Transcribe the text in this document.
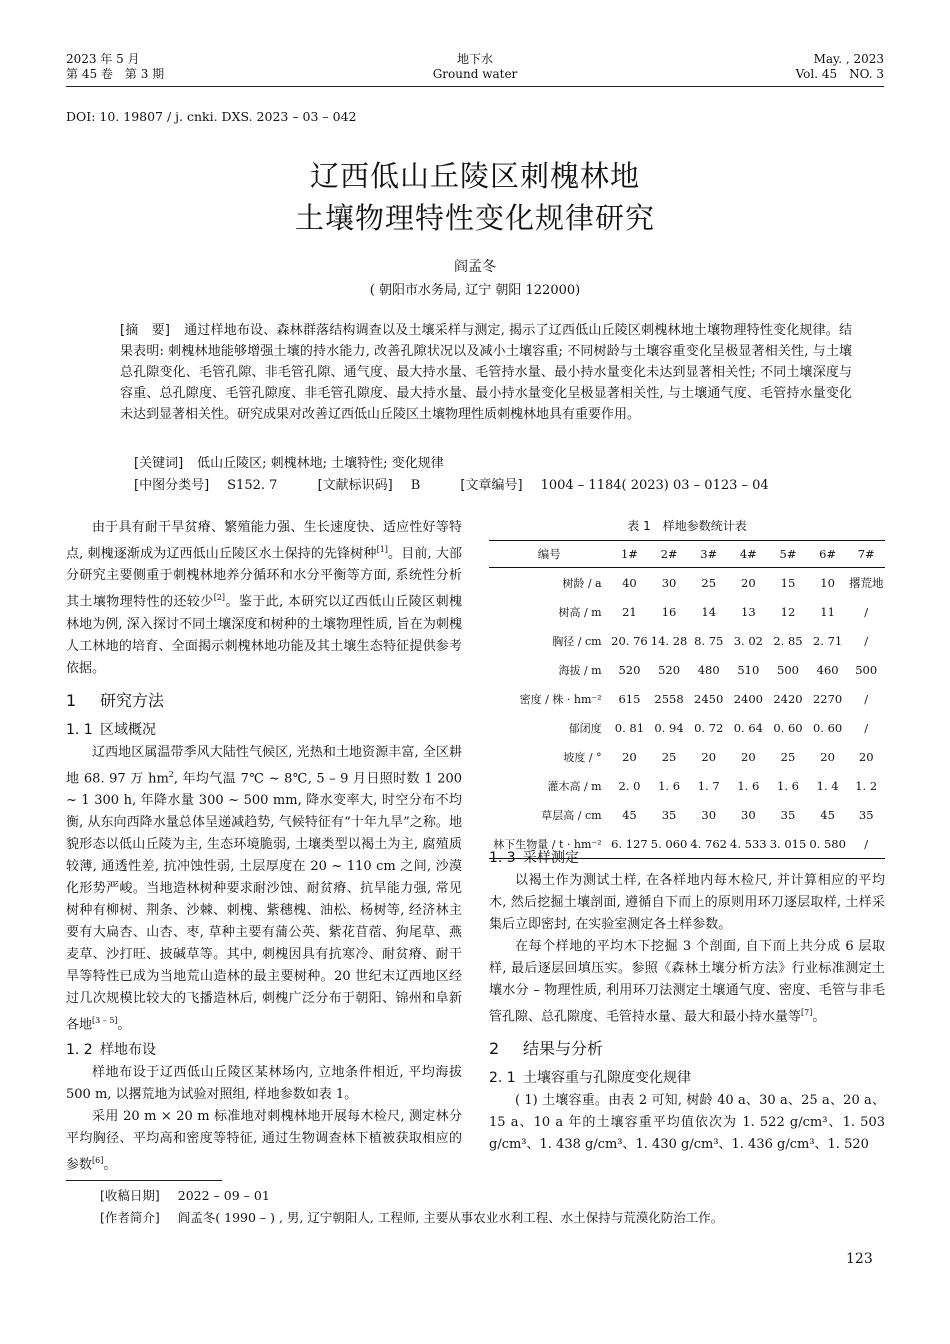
2023 年 5 月
第 45 卷　第 3 期
地下水
Ground water
May. , 2023
Vol. 45　NO. 3
DOI: 10. 19807 / j. cnki. DXS. 2023 – 03 – 042
辽西低山丘陵区刺槐林地
土壤物理特性变化规律研究
阎孟冬
( 朝阳市水务局, 辽宁 朝阳 122000)
[摘　要] 通过样地布设、森林群落结构调查以及土壤采样与测定, 揭示了辽西低山丘陵区刺槐林地土壤物理特性变化规律。结果表明: 刺槐林地能够增强土壤的持水能力, 改善孔隙状况以及减小土壤容重; 不同树龄与土壤容重变化呈极显著相关性, 与土壤总孔隙变化、毛管孔隙、非毛管孔隙、通气度、最大持水量、毛管持水量、最小持水量变化未达到显著相关性; 不同土壤深度与容重、总孔隙度、毛管孔隙度、非毛管孔隙度、最大持水量、最小持水量变化呈极显著相关性, 与土壤通气度、毛管持水量变化未达到显著相关性。研究成果对改善辽西低山丘陵区土壤物理性质刺槐林地具有重要作用。
[关键词] 低山丘陵区; 刺槐林地; 土壤特性; 变化规律
[中图分类号] S152. 7	[文献标识码] B	[文章编号] 1004 – 1184( 2023) 03 – 0123 – 04

由于具有耐干旱贫瘠、繁殖能力强、生长速度快、适应性好等特点, 刺槐逐渐成为辽西低山丘陵区水土保持的先锋树种[1]。目前, 大部分研究主要侧重于刺槐林地养分循环和水分平衡等方面, 系统性分析其土壤物理特性的还较少[2]。鉴于此, 本研究以辽西低山丘陵区刺槐林地为例, 深入探讨不同土壤深度和树种的土壤物理性质, 旨在为刺槐人工林地的培育、全面揭示刺槐林地功能及其土壤生态特征提供参考依据。

1 研究方法
1. 1 区域概况

辽西地区属温带季风大陆性气候区, 光热和土地资源丰富, 全区耕地 68. 97 万 $hm^2$, 年均气温 7℃ ~ 8℃, 5 – 9 月日照时数 1 200 ~ 1 300 h, 年降水量 300 ~ 500 mm, 降水变率大, 时空分布不均衡, 从东向西降水量总体呈递减趋势, 气候特征有“十年九旱”之称。地貌形态以低山丘陵为主, 生态环境脆弱, 土壤类型以褐土为主, 腐殖质较薄, 通透性差, 抗冲蚀性弱, 土层厚度在 20 ~ 110 cm 之间, 沙漠化形势严峻。当地造林树种要求耐沙蚀、耐贫瘠、抗旱能力强, 常见树种有柳树、荆条、沙棘、刺槐、紫穗槐、油松、杨树等, 经济林主要有大扁杏、山杏、枣, 草种主要有蒲公英、紫花苜蓿、狗尾草、燕麦草、沙打旺、披碱草等。其中, 刺槐因具有抗寒冷、耐贫瘠、耐干旱等特性已成为当地荒山造林的最主要树种。20 世纪末辽西地区经过几次规模比较大的飞播造林后, 刺槐广泛分布于朝阳、锦州和阜新各地[3 – 5]。

1. 2 样地布设

样地布设于辽西低山丘陵区某林场内, 立地条件相近, 平均海拔 500 m, 以撂荒地为试验对照组, 样地参数如表 1。

采用 20 m × 20 m 标准地对刺槐林地开展每木检尺, 测定林分平均胸径、平均高和密度等特征, 通过生物调查林下植被获取相应的参数[6]。

表 1　样地参数统计表
编号	1#	2#	3#	4#	5#	6#	7#
树龄 / a	40	30	25	20	15	10	撂荒地
树高 / m	21	16	14	13	12	11	/
胸径 / cm	20. 76	14. 28	8. 75	3. 02	2. 85	2. 71	/
海拔 / m	520	520	480	510	500	460	500
密度 / 株 · hm⁻²	615	2558	2450	2400	2420	2270	/
郁闭度	0. 81	0. 94	0. 72	0. 64	0. 60	0. 60	/
坡度 / °	20	25	20	20	25	20	20
灌木高 / m	2. 0	1. 6	1. 7	1. 6	1. 6	1. 4	1. 2
草层高 / cm	45	35	30	30	35	45	35
林下生物量 / t · hm⁻²	6. 127	5. 060	4. 762	4. 533	3. 015	0. 580	/
1. 3 采样测定

以褐土作为测试土样, 在各样地内每木检尺, 并计算相应的平均木, 然后挖掘土壤剖面, 遵循自下而上的原则用环刀逐层取样, 土样采集后立即密封, 在实验室测定各土样参数。

在每个样地的平均木下挖掘 3 个剖面, 自下而上共分成 6 层取样, 最后逐层回填压实。参照《森林土壤分析方法》行业标准测定土壤水分 – 物理性质, 利用环刀法测定土壤通气度、密度、毛管与非毛管孔隙、总孔隙度、毛管持水量、最大和最小持水量等[7]。

2 结果与分析
2. 1 土壤容重与孔隙度变化规律

( 1) 土壤容重。由表 2 可知, 树龄 40 a、30 a、25 a、20 a、15 a、10 a 年的土壤容重平均值依次为 1. 522 g/cm³、1. 503 g/cm³、1. 438 g/cm³、1. 430 g/cm³、1. 436 g/cm³、1. 520

[收稿日期] 2022 – 09 – 01
[作者简介] 阎孟冬( 1990 – ) , 男, 辽宁朝阳人, 工程师, 主要从事农业水利工程、水土保持与荒漠化防治工作。
123
